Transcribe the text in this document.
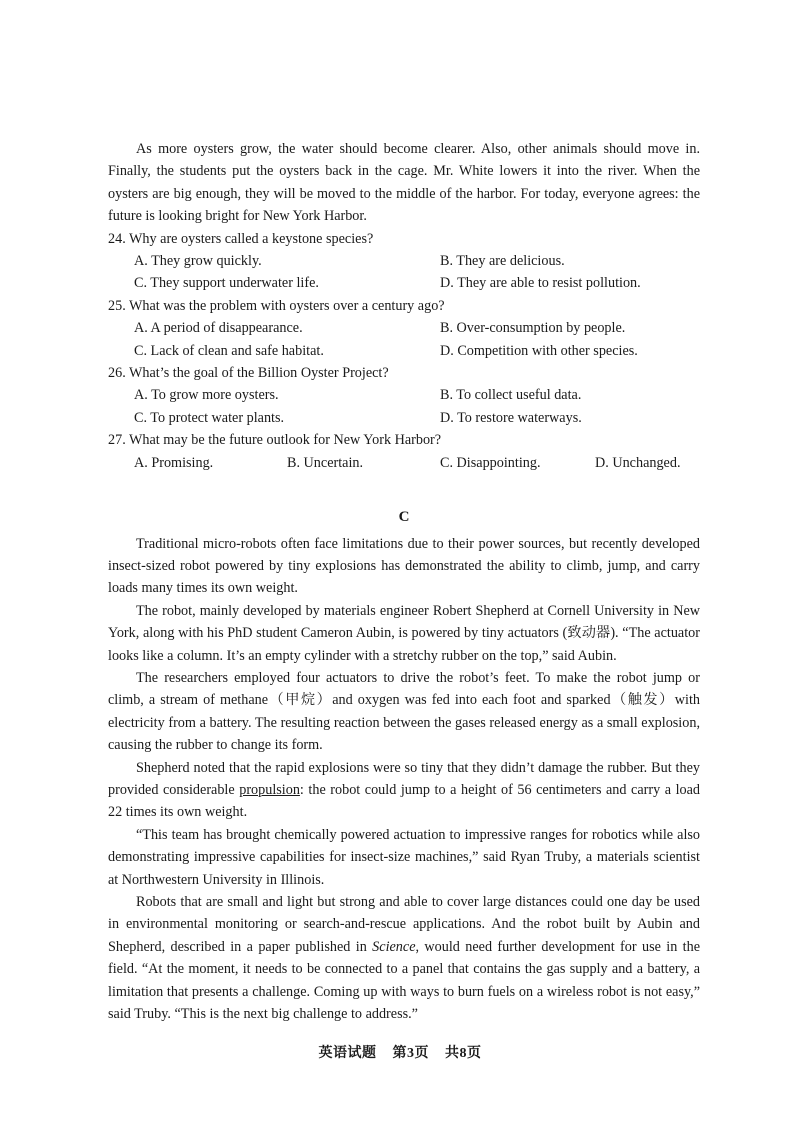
As more oysters grow, the water should become clearer. Also, other animals should move in. Finally, the students put the oysters back in the cage. Mr. White lowers it into the river. When the oysters are big enough, they will be moved to the middle of the harbor. For today, everyone agrees: the future is looking bright for New York Harbor.

24. Why are oysters called a keystone species?

A. They grow quickly.	B. They are delicious.
C. They support underwater life.	D. They are able to resist pollution.

25. What was the problem with oysters over a century ago?

A. A period of disappearance.	B. Over-consumption by people.
C. Lack of clean and safe habitat.	D. Competition with other species.

26. What’s the goal of the Billion Oyster Project?

A. To grow more oysters.	B. To collect useful data.
C. To protect water plants.	D. To restore waterways.

27. What may be the future outlook for New York Harbor?

A. Promising.	B. Uncertain.	C. Disappointing.	D. Unchanged.
C

Traditional micro-robots often face limitations due to their power sources, but recently developed insect-sized robot powered by tiny explosions has demonstrated the ability to climb, jump, and carry loads many times its own weight.

The robot, mainly developed by materials engineer Robert Shepherd at Cornell University in New York, along with his PhD student Cameron Aubin, is powered by tiny actuators (致动器). “The actuator looks like a column. It’s an empty cylinder with a stretchy rubber on the top,” said Aubin.

The researchers employed four actuators to drive the robot’s feet. To make the robot jump or climb, a stream of methane（甲烷）and oxygen was fed into each foot and sparked（触发）with electricity from a battery. The resulting reaction between the gases released energy as a small explosion, causing the rubber to change its form.

Shepherd noted that the rapid explosions were so tiny that they didn’t damage the rubber. But they provided considerable propulsion: the robot could jump to a height of 56 centimeters and carry a load 22 times its own weight.

“This team has brought chemically powered actuation to impressive ranges for robotics while also demonstrating impressive capabilities for insect-size machines,” said Ryan Truby, a materials scientist at Northwestern University in Illinois.

Robots that are small and light but strong and able to cover large distances could one day be used in environmental monitoring or search-and-rescue applications. And the robot built by Aubin and Shepherd, described in a paper published in Science, would need further development for use in the field. “At the moment, it needs to be connected to a panel that contains the gas supply and a battery, a limitation that presents a challenge. Coming up with ways to burn fuels on a wireless robot is not easy,” said Truby. “This is the next big challenge to address.”

英语试题 第3页 共8页
